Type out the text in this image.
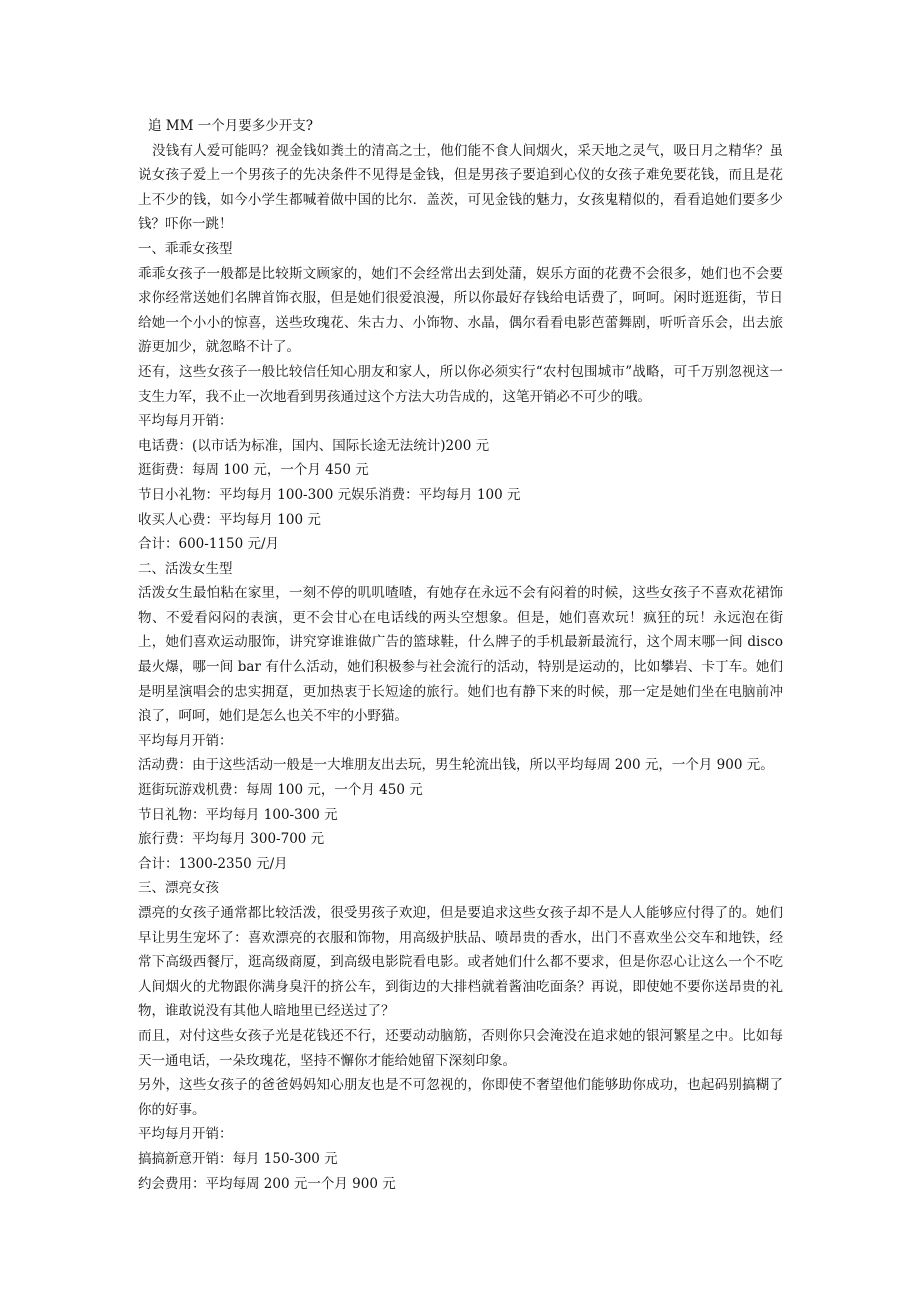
追 MM 一个月要多少开支?

没钱有人爱可能吗？视金钱如粪土的清高之士，他们能不食人间烟火，采天地之灵气，吸日月之精华？虽说女孩子爱上一个男孩子的先决条件不见得是金钱，但是男孩子要追到心仪的女孩子难免要花钱，而且是花上不少的钱，如今小学生都喊着做中国的比尔．盖茨，可见金钱的魅力，女孩鬼精似的，看看追她们要多少钱？吓你一跳！

一、乖乖女孩型

乖乖女孩子一般都是比较斯文顾家的，她们不会经常出去到处蒲，娱乐方面的花费不会很多，她们也不会要求你经常送她们名牌首饰衣服，但是她们很爱浪漫，所以你最好存钱给电话费了，呵呵。闲时逛逛街，节日给她一个小小的惊喜，送些玫瑰花、朱古力、小饰物、水晶，偶尔看看电影芭蕾舞剧，听听音乐会，出去旅游更加少，就忽略不计了。

还有，这些女孩子一般比较信任知心朋友和家人，所以你必须实行“农村包围城市”战略，可千万别忽视这一支生力军，我不止一次地看到男孩通过这个方法大功告成的，这笔开销必不可少的哦。

平均每月开销：

电话费：(以市话为标准，国内、国际长途无法统计)200 元

逛街费：每周 100 元，一个月 450 元

节日小礼物：平均每月 100-300 元娱乐消费：平均每月 100 元

收买人心费：平均每月 100 元

合计：600-1150 元/月

二、活泼女生型

活泼女生最怕粘在家里，一刻不停的叽叽喳喳，有她存在永远不会有闷着的时候，这些女孩子不喜欢花裙饰物、不爱看闷闷的表演，更不会甘心在电话线的两头空想象。但是，她们喜欢玩！疯狂的玩！永远泡在街上，她们喜欢运动服饰，讲究穿谁谁做广告的篮球鞋，什么牌子的手机最新最流行，这个周末哪一间 disco 最火爆，哪一间 bar 有什么活动，她们积极参与社会流行的活动，特别是运动的，比如攀岩、卡丁车。她们是明星演唱会的忠实拥趸，更加热衷于长短途的旅行。她们也有静下来的时候，那一定是她们坐在电脑前冲浪了，呵呵，她们是怎么也关不牢的小野猫。

平均每月开销：

活动费：由于这些活动一般是一大堆朋友出去玩，男生轮流出钱，所以平均每周 200 元，一个月 900 元。

逛街玩游戏机费：每周 100 元，一个月 450 元

节日礼物：平均每月 100-300 元

旅行费：平均每月 300-700 元

合计：1300-2350 元/月

三、漂亮女孩

漂亮的女孩子通常都比较活泼，很受男孩子欢迎，但是要追求这些女孩子却不是人人能够应付得了的。她们早让男生宠坏了：喜欢漂亮的衣服和饰物，用高级护肤品、喷昂贵的香水，出门不喜欢坐公交车和地铁，经常下高级西餐厅，逛高级商厦，到高级电影院看电影。或者她们什么都不要求，但是你忍心让这么一个不吃人间烟火的尤物跟你满身臭汗的挤公车，到街边的大排档就着酱油吃面条？再说，即使她不要你送昂贵的礼物，谁敢说没有其他人暗地里已经送过了？

而且，对付这些女孩子光是花钱还不行，还要动动脑筋，否则你只会淹没在追求她的银河繁星之中。比如每天一通电话，一朵玫瑰花，坚持不懈你才能给她留下深刻印象。

另外，这些女孩子的爸爸妈妈知心朋友也是不可忽视的，你即使不奢望他们能够助你成功，也起码别搞糊了你的好事。

平均每月开销：

搞搞新意开销：每月 150-300 元

约会费用：平均每周 200 元一个月 900 元
